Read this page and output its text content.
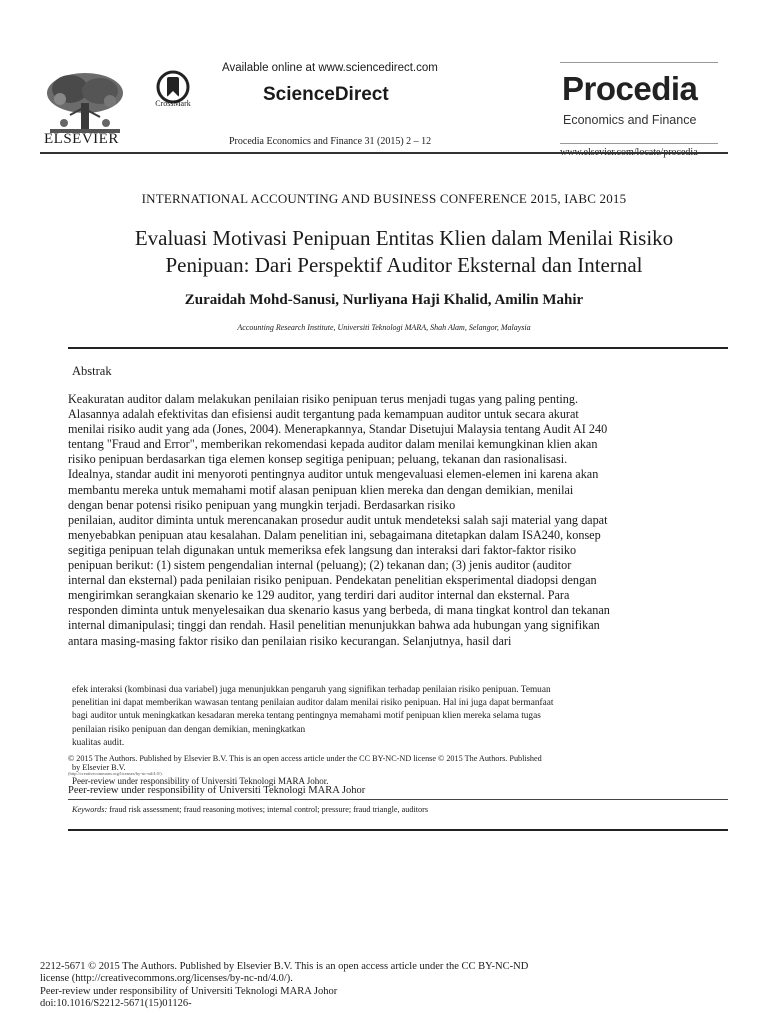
ELSEVIER
CrossMark
Available online at www.sciencedirect.com
ScienceDirect
Procedia Economics and Finance 31 (2015) 2 – 12
Procedia
Economics and Finance
INTERNATIONAL ACCOUNTING AND BUSINESS CONFERENCE 2015, IABC 2015
Evaluasi Motivasi Penipuan Entitas Klien dalam Menilai Risiko
Penipuan: Dari Perspektif Auditor Eksternal dan Internal
Zuraidah Mohd-Sanusi, Nurliyana Haji Khalid, Amilin Mahir
Accounting Research Institute, Universiti Teknologi MARA, Shah Alam, Selangor, Malaysia
Abstrak

Keakuratan auditor dalam melakukan penilaian risiko penipuan terus menjadi tugas yang paling penting.

Alasannya adalah efektivitas dan efisiensi audit tergantung pada kemampuan auditor untuk secara akurat

menilai risiko audit yang ada (Jones, 2004). Menerapkannya, Standar Disetujui Malaysia tentang Audit AI 240

tentang "Fraud and Error", memberikan rekomendasi kepada auditor dalam menilai kemungkinan klien akan

risiko penipuan berdasarkan tiga elemen konsep segitiga penipuan; peluang, tekanan dan rasionalisasi.

Idealnya, standar audit ini menyoroti pentingnya auditor untuk mengevaluasi elemen-elemen ini karena akan

membantu mereka untuk memahami motif alasan penipuan klien mereka dan dengan demikian, menilai

dengan benar potensi risiko penipuan yang mungkin terjadi. Berdasarkan risiko

penilaian, auditor diminta untuk merencanakan prosedur audit untuk mendeteksi salah saji material yang dapat

menyebabkan penipuan atau kesalahan. Dalam penelitian ini, sebagaimana ditetapkan dalam ISA240, konsep

segitiga penipuan telah digunakan untuk memeriksa efek langsung dan interaksi dari faktor-faktor risiko

penipuan berikut: (1) sistem pengendalian internal (peluang); (2) tekanan dan; (3) jenis auditor (auditor

internal dan eksternal) pada penilaian risiko penipuan. Pendekatan penelitian eksperimental diadopsi dengan

mengirimkan serangkaian skenario ke 129 auditor, yang terdiri dari auditor internal dan eksternal. Para

responden diminta untuk menyelesaikan dua skenario kasus yang berbeda, di mana tingkat kontrol dan tekanan

internal dimanipulasi; tinggi dan rendah. Hasil penelitian menunjukkan bahwa ada hubungan yang signifikan

antara masing-masing faktor risiko dan penilaian risiko kecurangan. Selanjutnya, hasil dari

efek interaksi (kombinasi dua variabel) juga menunjukkan pengaruh yang signifikan terhadap penilaian risiko penipuan. Temuan
penelitian ini dapat memberikan wawasan tentang penilaian auditor dalam menilai risiko penipuan. Hal ini juga dapat bermanfaat
bagi auditor untuk meningkatkan kesadaran mereka tentang pentingnya memahami motif penipuan klien mereka selama tugas
penilaian risiko penipuan dan dengan demikian, meningkatkan
kualitas audit.
© 2015 The Authors. Published by Elsevier B.V. This is an open access article under the CC BY-NC-ND license © 2015 The Authors. Published
by Elsevier B.V.
(http://creativecommons.org/licenses/by-nc-nd/4.0/).
Peer-review under responsibility of Universiti Teknologi MARA Johor.
Peer-review under responsibility of Universiti Teknologi MARA Johor
Keywords: fraud risk assessment; fraud reasoning motives; internal control; pressure; fraud triangle, auditors

2212-5671 © 2015 The Authors. Published by Elsevier B.V. This is an open access article under the CC BY-NC-ND

license (http://creativecommons.org/licenses/by-nc-nd/4.0/).

Peer-review under responsibility of Universiti Teknologi MARA Johor

doi:10.1016/S2212-5671(15)01126-
